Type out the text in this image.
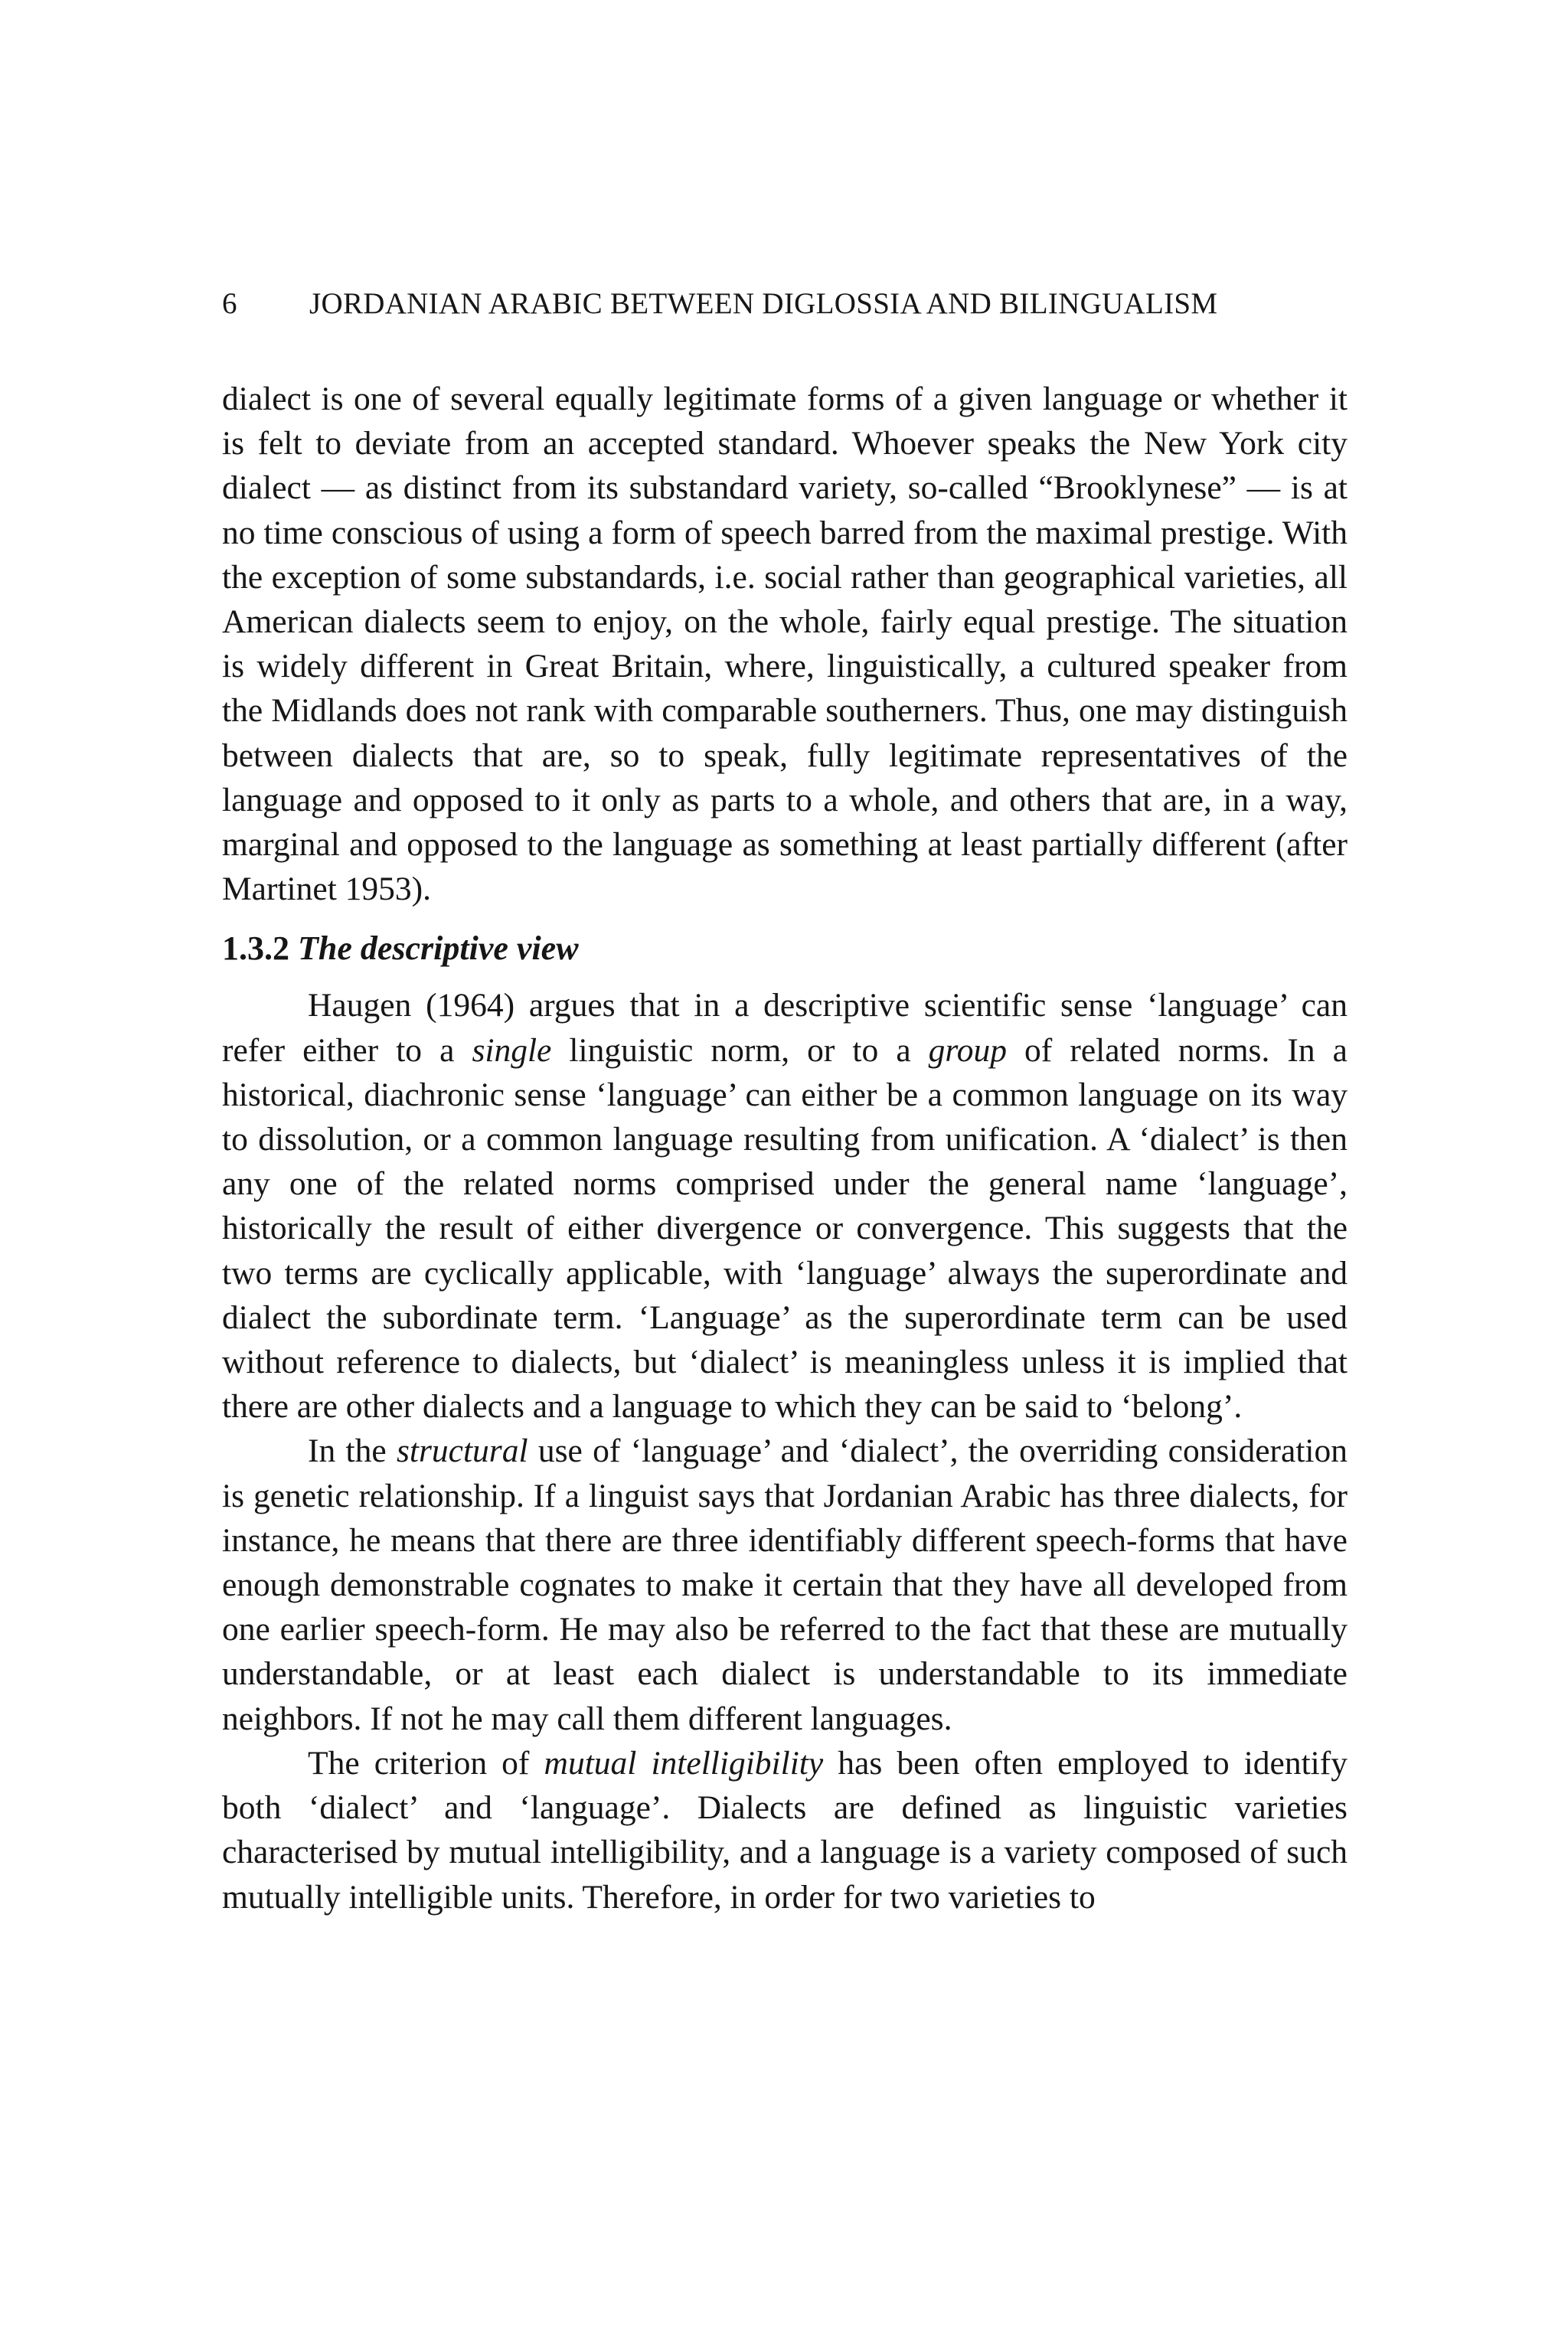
6 JORDANIAN ARABIC BETWEEN DIGLOSSIA AND BILINGUALISM

dialect is one of several equally legitimate forms of a given language or whether it is felt to deviate from an accepted standard. Whoever speaks the New York city dialect — as distinct from its substandard variety, so-called “Brooklynese” — is at no time conscious of using a form of speech barred from the maximal prestige. With the exception of some substandards, i.e. social rather than geographical varieties, all American dialects seem to enjoy, on the whole, fairly equal prestige. The situation is widely different in Great Britain, where, linguistically, a cultured speaker from the Midlands does not rank with comparable southerners. Thus, one may distinguish between dialects that are, so to speak, fully legitimate representatives of the language and opposed to it only as parts to a whole, and others that are, in a way, marginal and opposed to the language as something at least partially different (after Martinet 1953).

1.3.2 The descriptive view

Haugen (1964) argues that in a descriptive scientific sense ‘language’ can refer either to a single linguistic norm, or to a group of related norms. In a historical, diachronic sense ‘language’ can either be a common language on its way to dissolution, or a common language resulting from unification. A ‘dialect’ is then any one of the related norms comprised under the general name ‘language’, historically the result of either divergence or convergence. This suggests that the two terms are cyclically applicable, with ‘language’ always the superordinate and dialect the subordinate term. ‘Language’ as the superordinate term can be used without reference to dialects, but ‘dialect’ is meaningless unless it is implied that there are other dialects and a language to which they can be said to ‘belong’.

In the structural use of ‘language’ and ‘dialect’, the overriding consideration is genetic relationship. If a linguist says that Jordanian Arabic has three dialects, for instance, he means that there are three identifiably different speech-forms that have enough demonstrable cognates to make it certain that they have all developed from one earlier speech-form. He may also be referred to the fact that these are mutually understandable, or at least each dialect is understandable to its immediate neighbors. If not he may call them different languages.

The criterion of mutual intelligibility has been often employed to identify both ‘dialect’ and ‘language’. Dialects are defined as linguistic varieties characterised by mutual intelligibility, and a language is a variety composed of such mutually intelligible units. Therefore, in order for two varieties to
